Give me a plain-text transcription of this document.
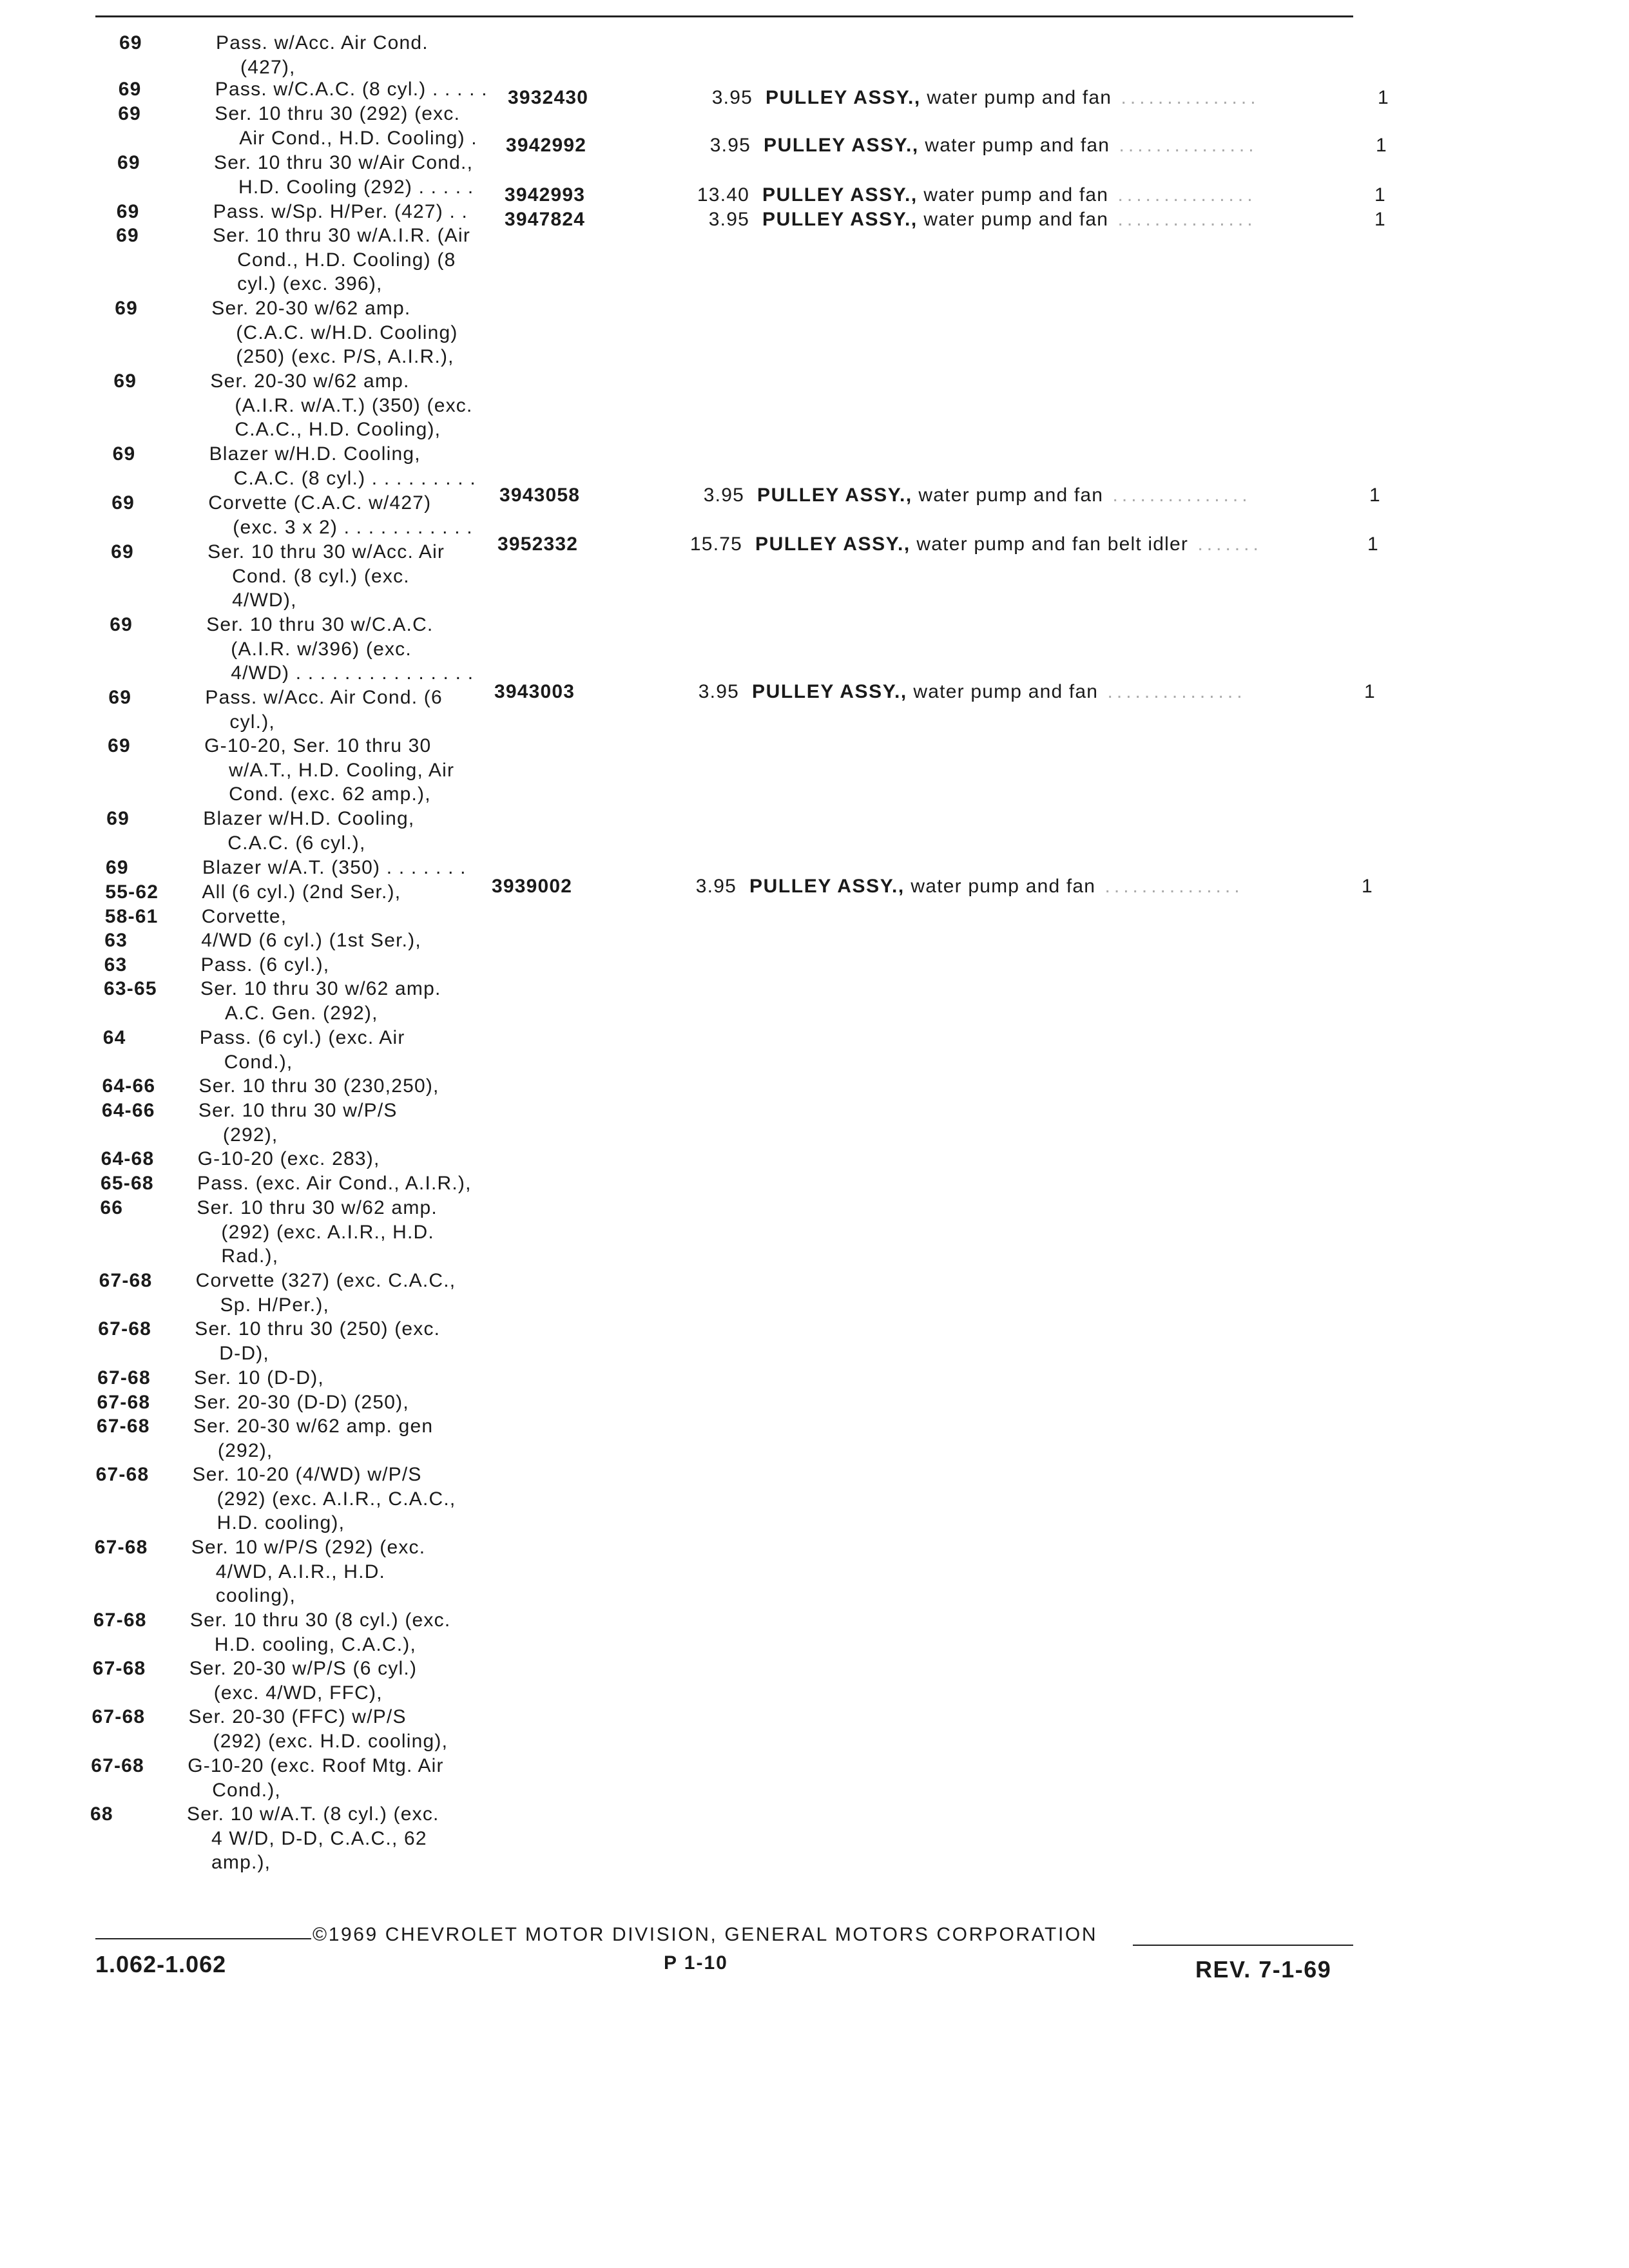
69	Pass. w/Acc. Air Cond.
(427),
69	Pass. w/C.A.C. (8 cyl.) . . . . .
69	Ser. 10 thru 30 (292) (exc.
Air Cond., H.D. Cooling) .
69	Ser. 10 thru 30 w/Air Cond.,
H.D. Cooling (292) . . . . .
69	Pass. w/Sp. H/Per. (427) . .
69	Ser. 10 thru 30 w/A.I.R. (Air
Cond., H.D. Cooling) (8
cyl.) (exc. 396),
69	Ser. 20-30 w/62 amp.
(C.A.C. w/H.D. Cooling)
(250) (exc. P/S, A.I.R.),
69	Ser. 20-30 w/62 amp.
(A.I.R. w/A.T.) (350) (exc.
C.A.C., H.D. Cooling),
69	Blazer w/H.D. Cooling,
C.A.C. (8 cyl.) . . . . . . . . .
69	Corvette (C.A.C. w/427)
(exc. 3 x 2) . . . . . . . . . . .
69	Ser. 10 thru 30 w/Acc. Air
Cond. (8 cyl.) (exc.
4/WD),
69	Ser. 10 thru 30 w/C.A.C.
(A.I.R. w/396) (exc.
4/WD) . . . . . . . . . . . . . . .
69	Pass. w/Acc. Air Cond. (6
cyl.),
69	G-10-20, Ser. 10 thru 30
w/A.T., H.D. Cooling, Air
Cond. (exc. 62 amp.),
69	Blazer w/H.D. Cooling,
C.A.C. (6 cyl.),
69	Blazer w/A.T. (350) . . . . . . .
55-62	All (6 cyl.) (2nd Ser.),
58-61	Corvette,
63	4/WD (6 cyl.) (1st Ser.),
63	Pass. (6 cyl.),
63-65	Ser. 10 thru 30 w/62 amp.
A.C. Gen. (292),
64	Pass. (6 cyl.) (exc. Air
Cond.),
64-66	Ser. 10 thru 30 (230,250),
64-66	Ser. 10 thru 30 w/P/S
(292),
64-68	G-10-20 (exc. 283),
65-68	Pass. (exc. Air Cond., A.I.R.),
66	Ser. 10 thru 30 w/62 amp.
(292) (exc. A.I.R., H.D.
Rad.),
67-68	Corvette (327) (exc. C.A.C.,
Sp. H/Per.),
67-68	Ser. 10 thru 30 (250) (exc.
D-D),
67-68	Ser. 10 (D-D),
67-68	Ser. 20-30 (D-D) (250),
67-68	Ser. 20-30 w/62 amp. gen
(292),
67-68	Ser. 10-20 (4/WD) w/P/S
(292) (exc. A.I.R., C.A.C.,
H.D. cooling),
67-68	Ser. 10 w/P/S (292) (exc.
4/WD, A.I.R., H.D.
cooling),
67-68	Ser. 10 thru 30 (8 cyl.) (exc.
H.D. cooling, C.A.C.),
67-68	Ser. 20-30 w/P/S (6 cyl.)
(exc. 4/WD, FFC),
67-68	Ser. 20-30 (FFC) w/P/S
(292) (exc. H.D. cooling),
67-68	G-10-20 (exc. Roof Mtg. Air
Cond.),
68	Ser. 10 w/A.T. (8 cyl.) (exc.
4 W/D, D-D, C.A.C., 62
amp.),
3932430	3.95 PULLEY ASSY., water pump and fan ...............	1
3942992	3.95 PULLEY ASSY., water pump and fan ...............	1
3942993	13.40 PULLEY ASSY., water pump and fan ...............	1
3947824	3.95 PULLEY ASSY., water pump and fan ...............	1
3943058	3.95 PULLEY ASSY., water pump and fan ...............	1
3952332	15.75 PULLEY ASSY., water pump and fan belt idler .......	1
3943003	3.95 PULLEY ASSY., water pump and fan ...............	1
3939002	3.95 PULLEY ASSY., water pump and fan ...............	1
©1969 CHEVROLET MOTOR DIVISION, GENERAL MOTORS CORPORATION
1.062-1.062	P 1-10	REV. 7-1-69
